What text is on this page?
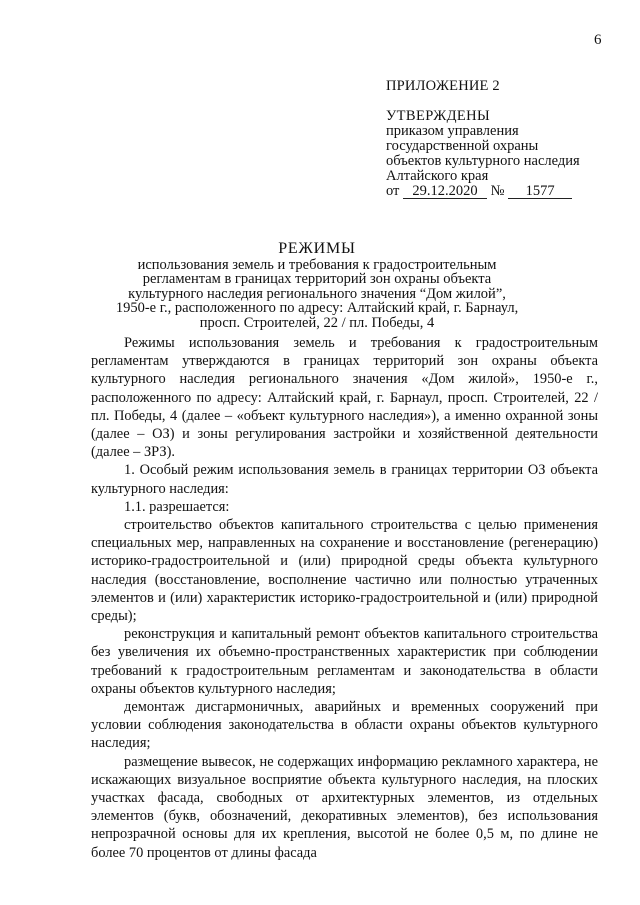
6
ПРИЛОЖЕНИЕ 2
УТВЕРЖДЕНЫ
приказом управления
государственной охраны
объектов культурного наследия
Алтайского края
от 29.12.2020 № 1577
РЕЖИМЫ
использования земель и требования к градостроительным
регламентам в границах территорий зон охраны объекта
культурного наследия регионального значения “Дом жилой”,
1950-е г., расположенного по адресу: Алтайский край, г. Барнаул,
просп. Строителей, 22 / пл. Победы, 4

Режимы использования земель и требования к градостроительным регламентам утверждаются в границах территорий зон охраны объекта культурного наследия регионального значения «Дом жилой», 1950-е г., расположенного по адресу: Алтайский край, г. Барнаул, просп. Строителей, 22 / пл. Победы, 4 (далее – «объект культурного наследия»), а именно охранной зоны (далее – ОЗ) и зоны регулирования застройки и хозяйственной деятельности (далее – ЗРЗ).

1. Особый режим использования земель в границах территории ОЗ объекта культурного наследия:

1.1. разрешается:

строительство объектов капитального строительства с целью применения специальных мер, направленных на сохранение и восстановление (регенерацию) историко-градостроительной и (или) природной среды объекта культурного наследия (восстановление, восполнение частично или полностью утраченных элементов и (или) характеристик историко-градостроительной и (или) природной среды);

реконструкция и капитальный ремонт объектов капитального строительства без увеличения их объемно-пространственных характеристик при соблюдении требований к градостроительным регламентам и законодательства в области охраны объектов культурного наследия;

демонтаж дисгармоничных, аварийных и временных сооружений при условии соблюдения законодательства в области охраны объектов культурного наследия;

размещение вывесок, не содержащих информацию рекламного характера, не искажающих визуальное восприятие объекта культурного наследия, на плоских участках фасада, свободных от архитектурных элементов, из отдельных элементов (букв, обозначений, декоративных элементов), без использования непрозрачной основы для их крепления, высотой не более 0,5 м, по длине не более 70 процентов от длины фасада
